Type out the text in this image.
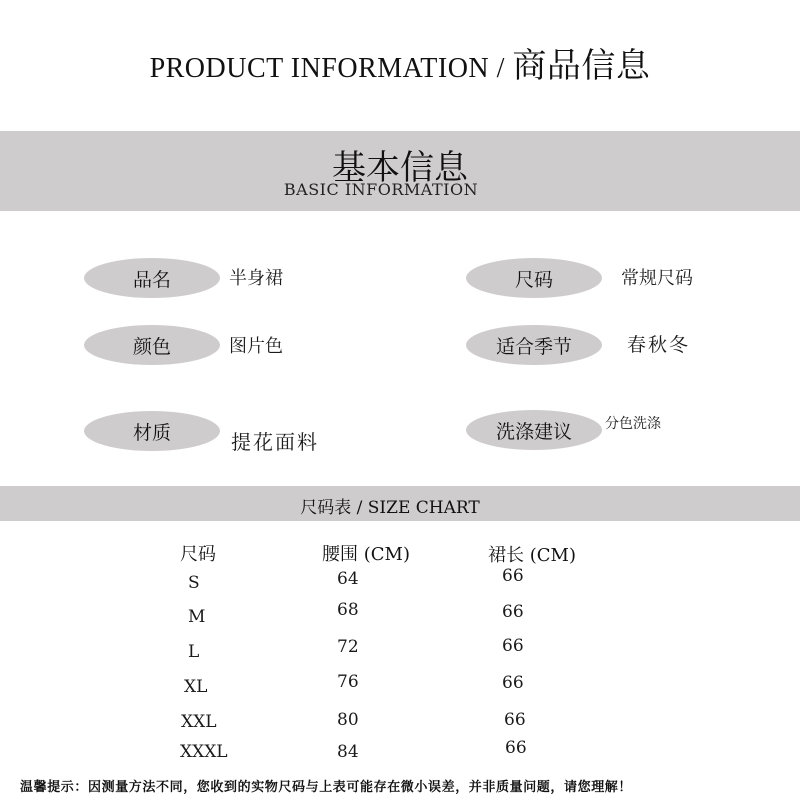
PRODUCT INFORMATION / 商品信息
基本信息
BASIC INFORMATION
品名	半身裙
颜色	图片色
材质	提花面料
尺码	常规尺码
适合季节	春秋冬
洗涤建议	分色洗涤
尺码表 / SIZE CHART
尺码	腰围 (CM)	裙长 (CM)
S	64	66
M	68	66
L	72	66
XL	76	66
XXL	80	66
XXXL	84	66
温馨提示：因测量方法不同，您收到的实物尺码与上表可能存在微小误差，并非质量问题，请您理解！
